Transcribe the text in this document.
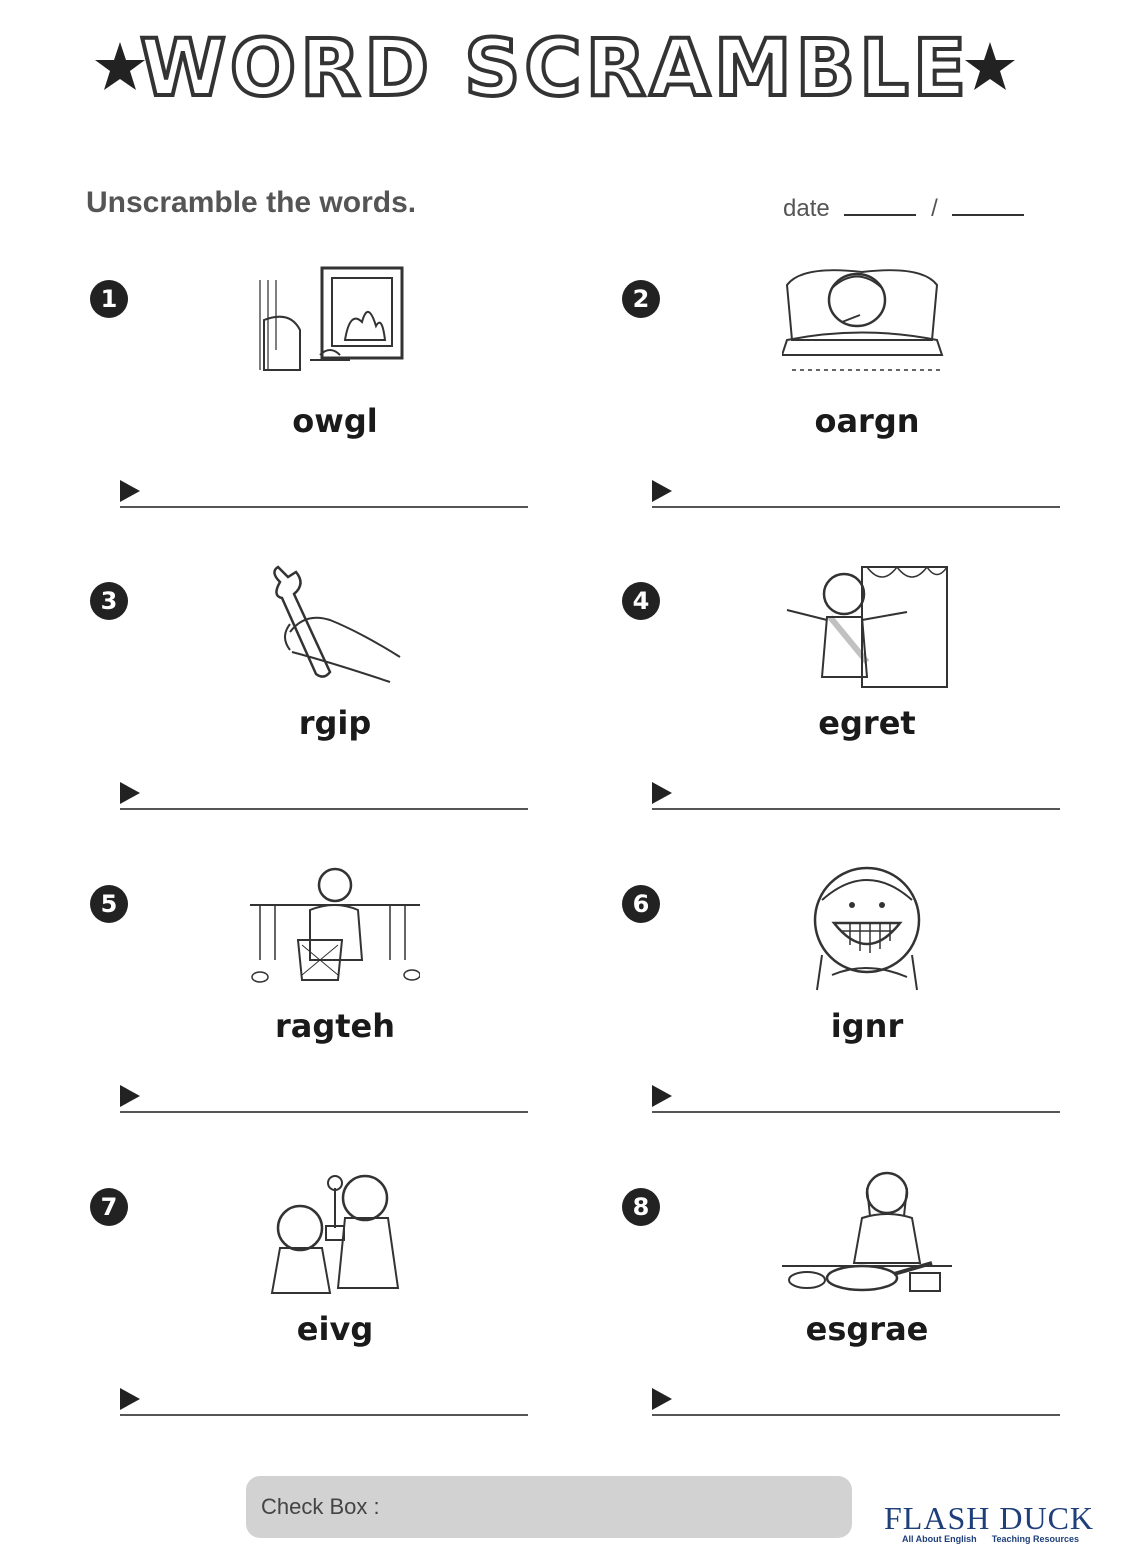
WORD SCRAMBLE
Unscramble the words.	date	/
1
owgl
2
oargn
3
rgip
4
egret
5
ragteh
6
ignr
7
eivg
8
esgrae
Check Box :	FLASH DUCK
All About English Teaching Resources
